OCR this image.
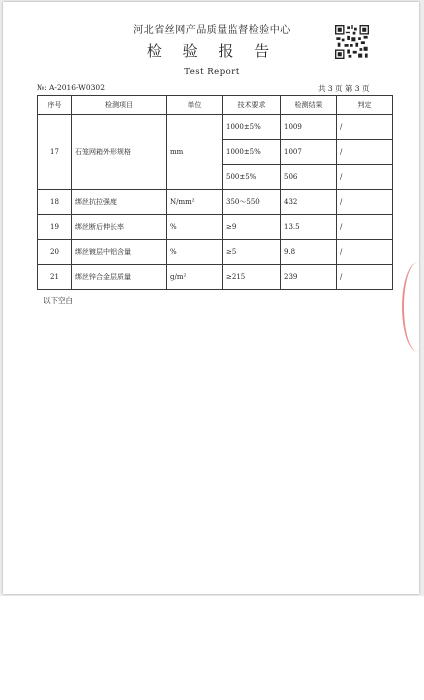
河北省丝网产品质量监督检验中心
检 验 报 告
Test Report
№: A-2016-W0302	共 3 页 第 3 页
序号	检测项目	单位	技术要求	检测结果	判定
17	石笼网箱外形规格	mm	1000±5%	1009	/
			1000±5%	1007	/
			500±5%	506	/
18	绑丝抗拉强度	N/mm²	350～550	432	/
19	绑丝断后伸长率	%	≥9	13.5	/
20	绑丝镀层中铝含量	%	≥5	9.8	/
21	绑丝锌合金层质量	g/m²	≥215	239	/
以下空白
